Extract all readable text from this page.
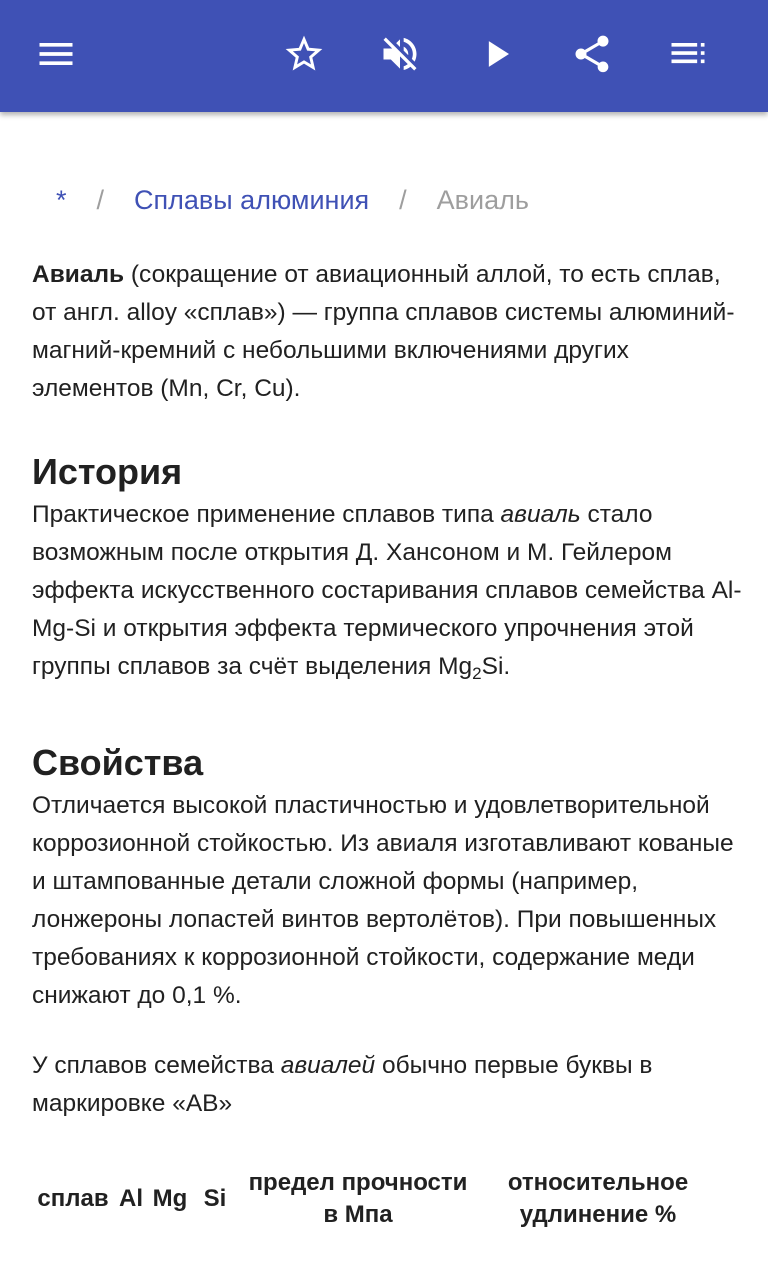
* / Сплавы алюминия / Авиаль

Авиаль (сокращение от авиационный аллой, то есть сплав, от англ. alloy «сплав») — группа сплавов системы алюминий-магний-кремний с небольшими включениями других элементов (Mn, Cr, Cu).

История

Практическое применение сплавов типа авиаль стало возможным после открытия Д. Хансоном и М. Гейлером эффекта искусственного состаривания сплавов семейства Al-Mg-Si и открытия эффекта термического упрочнения этой группы сплавов за счёт выделения $Mg_2Si$.

Свойства

Отличается высокой пластичностью и удовлетворительной коррозионной стойкостью. Из авиаля изготавливают кованые и штампованные детали сложной формы (например, лонжероны лопастей винтов вертолётов). При повышенных требованиях к коррозионной стойкости, содержание меди снижают до 0,1 %.

У сплавов семейства авиалей обычно первые буквы в маркировке «АВ»

сплав	Al	Mg	Si	предел прочности в Мпа	относительное удлинение %
